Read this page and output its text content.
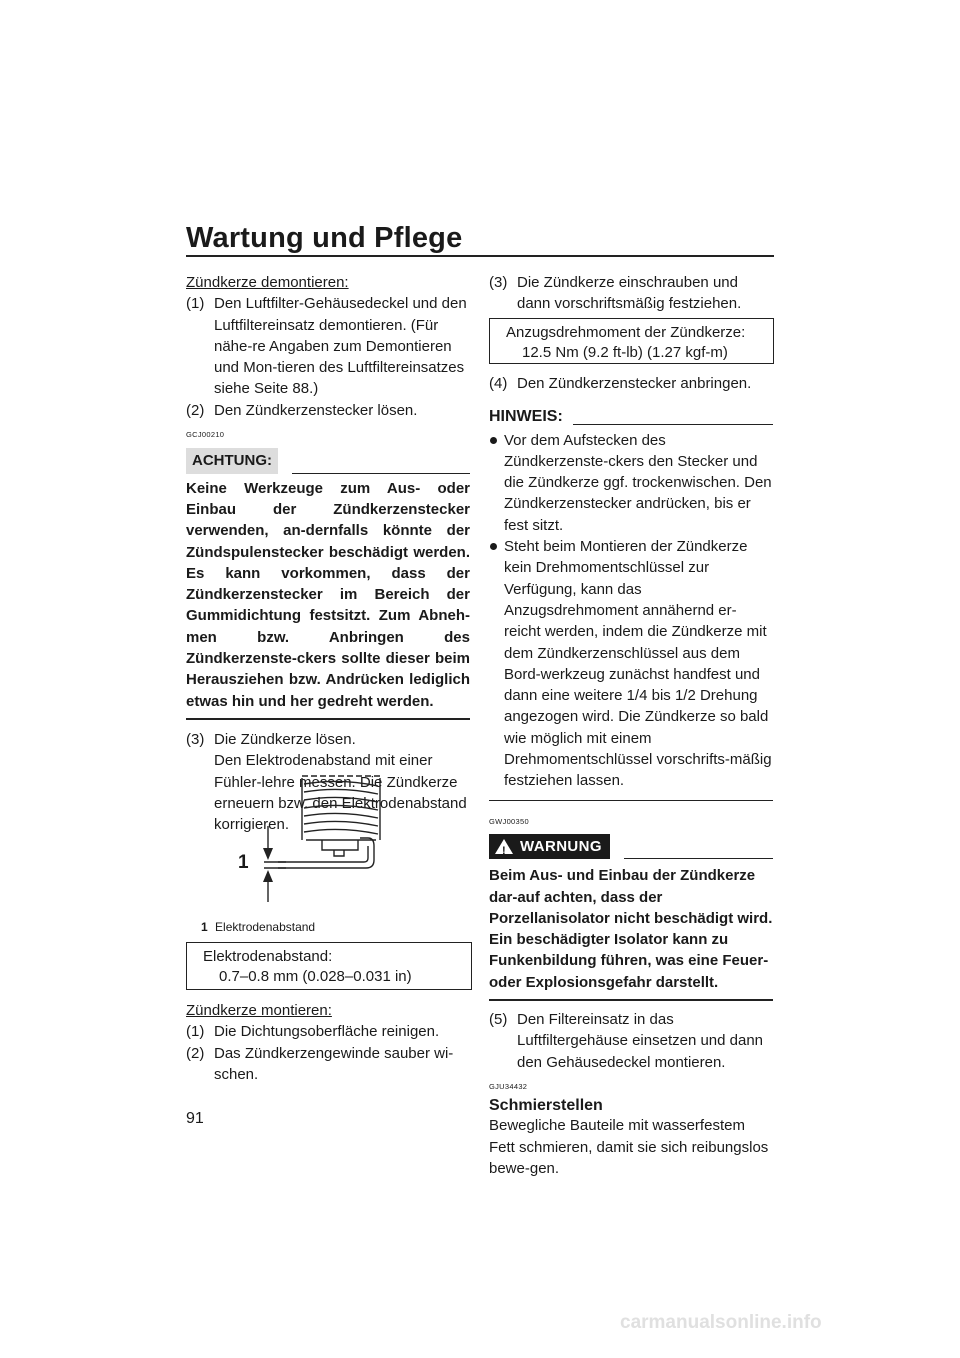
Wartung und Pflege
91
Zündkerze demontieren:
(1) Den Luftfilter-Gehäusedeckel und den Luftfiltereinsatz demontieren. (Für nähe-re Angaben zum Demontieren und Mon-tieren des Luftfiltereinsatzes siehe Seite 88.)
(2) Den Zündkerzenstecker lösen.
GCJ00210
ACHTUNG:
Keine Werkzeuge zum Aus- oder Einbau der Zündkerzenstecker verwenden, an-dernfalls könnte der Zündspulenstecker beschädigt werden. Es kann vorkommen, dass der Zündkerzenstecker im Bereich der Gummidichtung festsitzt. Zum Abneh-men bzw. Anbringen des Zündkerzenste-ckers sollte dieser beim Herausziehen bzw. Andrücken lediglich etwas hin und her gedreht werden.
(3) Die Zündkerze lösen.
Den Elektrodenabstand mit einer Fühler-lehre messen. Die Zündkerze erneuern bzw. den Elektrodenabstand korrigieren.
1
1 Elektrodenabstand
Elektrodenabstand:
0.7–0.8 mm (0.028–0.031 in)
Zündkerze montieren:
(1) Die Dichtungsoberfläche reinigen.
(2) Das Zündkerzengewinde sauber wi-schen.
(3) Die Zündkerze einschrauben und dann vorschriftsmäßig festziehen.
Anzugsdrehmoment der Zündkerze:
12.5 Nm (9.2 ft-lb) (1.27 kgf-m)
(4) Den Zündkerzenstecker anbringen.
HINWEIS:
Vor dem Aufstecken des Zündkerzenste-ckers den Stecker und die Zündkerze ggf. trockenwischen. Den Zündkerzenstecker andrücken, bis er fest sitzt.
Steht beim Montieren der Zündkerze kein Drehmomentschlüssel zur Verfügung, kann das Anzugsdrehmoment annähernd er-reicht werden, indem die Zündkerze mit dem Zündkerzenschlüssel aus dem Bord-werkzeug zunächst handfest und dann eine weitere 1/4 bis 1/2 Drehung angezogen wird. Die Zündkerze so bald wie möglich mit einem Drehmomentschlüssel vorschrifts-mäßig festziehen lassen.
GWJ00350
! WARNUNG
Beim Aus- und Einbau der Zündkerze dar-auf achten, dass der Porzellanisolator nicht beschädigt wird. Ein beschädigter Isolator kann zu Funkenbildung führen, was eine Feuer- oder Explosionsgefahr darstellt.
(5) Den Filtereinsatz in das Luftfiltergehäuse einsetzen und dann den Gehäusedeckel montieren.
GJU34432
Schmierstellen
Bewegliche Bauteile mit wasserfestem Fett schmieren, damit sie sich reibungslos bewe-gen.
carmanualsonline.info
